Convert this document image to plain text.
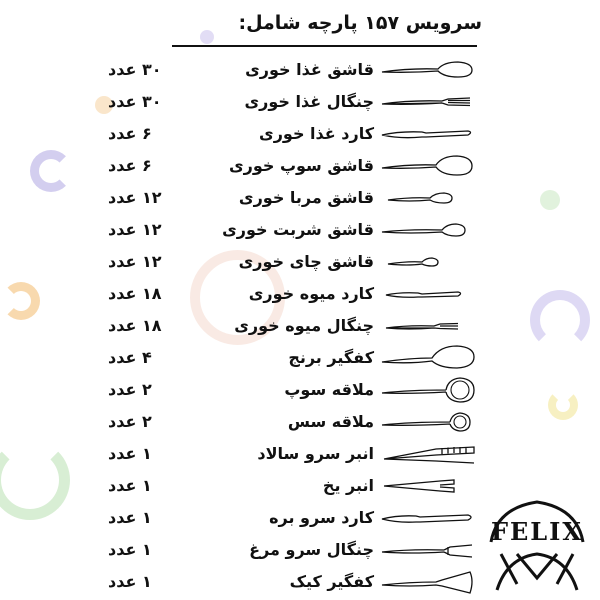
سرویس ۱۵۷ پارچه شامل:
۳۰ عدد	قاشق غذا خوری
۳۰ عدد	چنگال غذا خوری
۶ عدد	کارد غذا خوری
۶ عدد	قاشق سوپ خوری
۱۲ عدد	قاشق مربا خوری
۱۲ عدد	قاشق شربت خوری
۱۲ عدد	قاشق چای خوری
۱۸ عدد	کارد میوه خوری
۱۸ عدد	چنگال میوه خوری
۴ عدد	کفگیر برنج
۲ عدد	ملاقه سوپ
۲ عدد	ملاقه سس
۱ عدد	انبر سرو سالاد
۱ عدد	انبر یخ
۱ عدد	کارد سرو بره
۱ عدد	چنگال سرو مرغ
۱ عدد	کفگیر کیک
FELIX
